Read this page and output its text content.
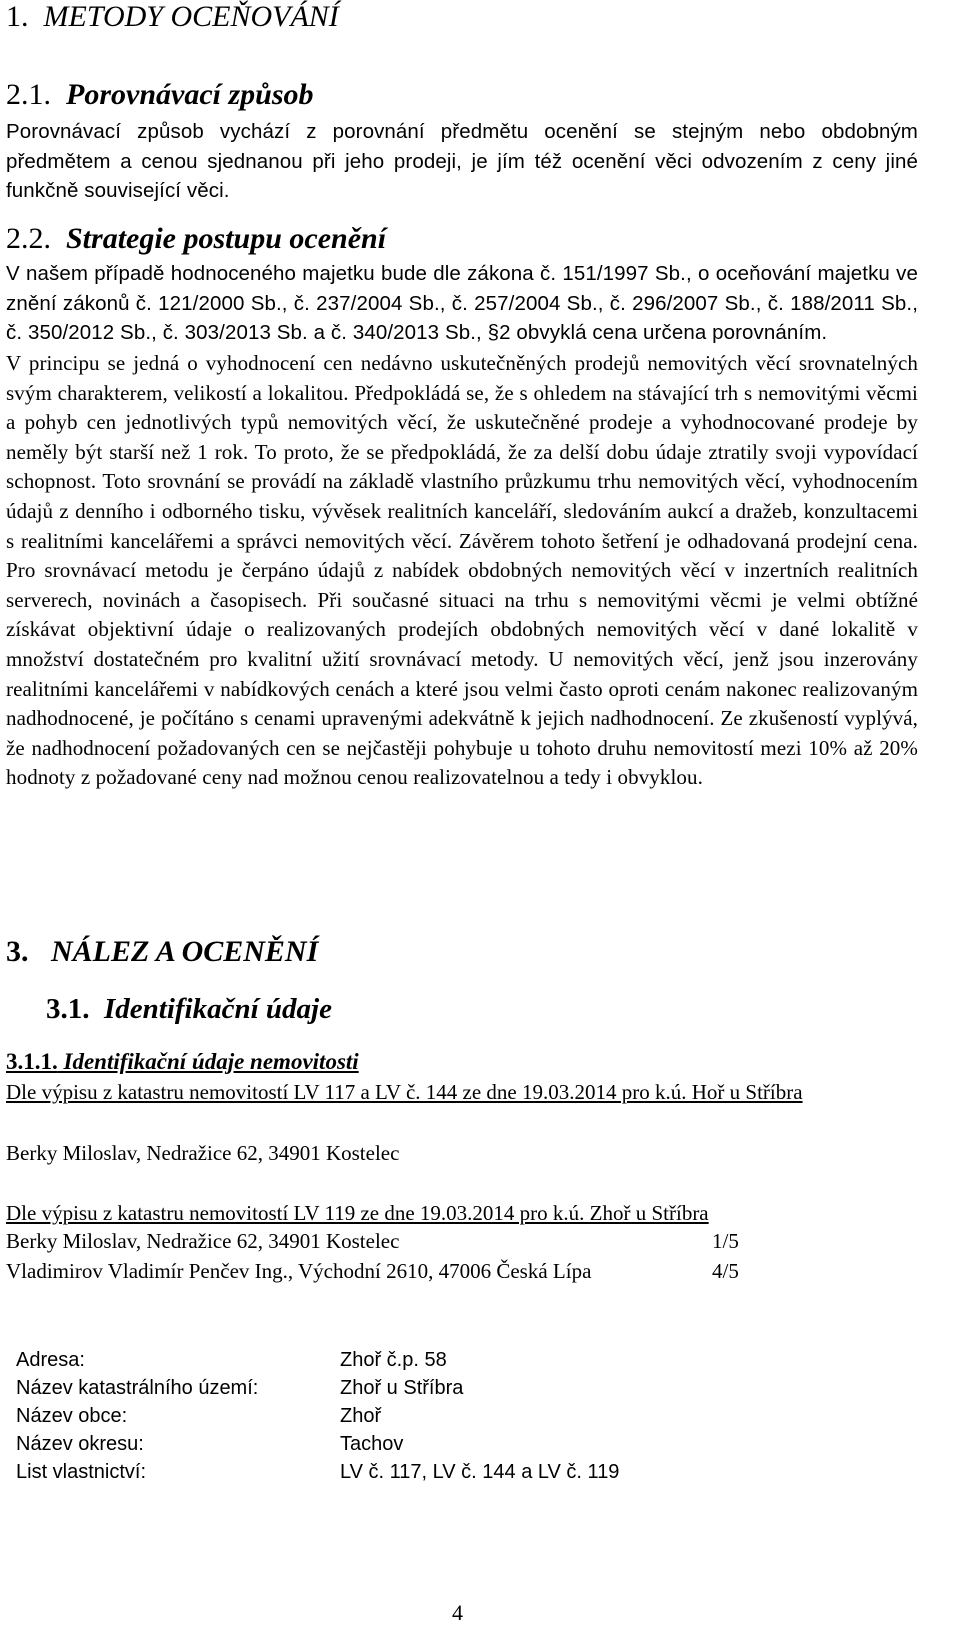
1. METODY OCEŇOVÁNÍ
2.1. Porovnávací způsob

Porovnávací způsob vychází z porovnání předmětu ocenění se stejným nebo obdobným předmětem a cenou sjednanou při jeho prodeji, je jím též ocenění věci odvozením z ceny jiné funkčně související věci.

2.2. Strategie postupu ocenění

V našem případě hodnoceného majetku bude dle zákona č. 151/1997 Sb., o oceňování majetku ve znění zákonů č. 121/2000 Sb., č. 237/2004 Sb., č. 257/2004 Sb., č. 296/2007 Sb., č. 188/2011 Sb., č. 350/2012 Sb., č. 303/2013 Sb. a č. 340/2013 Sb., §2 obvyklá cena určena porovnáním.

V principu se jedná o vyhodnocení cen nedávno uskutečněných prodejů nemovitých věcí srovnatelných svým charakterem, velikostí a lokalitou. Předpokládá se, že s ohledem na stávající trh s nemovitými věcmi a pohyb cen jednotlivých typů nemovitých věcí, že uskutečněné prodeje a vyhodnocované prodeje by neměly být starší než 1 rok. To proto, že se předpokládá, že za delší dobu údaje ztratily svoji vypovídací schopnost. Toto srovnání se provádí na základě vlastního průzkumu trhu nemovitých věcí, vyhodnocením údajů z denního i odborného tisku, vývěsek realitních kanceláří, sledováním aukcí a dražeb, konzultacemi s realitními kancelářemi a správci nemovitých věcí. Závěrem tohoto šetření je odhadovaná prodejní cena. Pro srovnávací metodu je čerpáno údajů z nabídek obdobných nemovitých věcí v inzertních realitních serverech, novinách a časopisech. Při současné situaci na trhu s nemovitými věcmi je velmi obtížné získávat objektivní údaje o realizovaných prodejích obdobných nemovitých věcí v dané lokalitě v množství dostatečném pro kvalitní užití srovnávací metody. U nemovitých věcí, jenž jsou inzerovány realitními kancelářemi v nabídkových cenách a které jsou velmi často oproti cenám nakonec realizovaným nadhodnocené, je počítáno s cenami upravenými adekvátně k jejich nadhodnocení. Ze zkušeností vyplývá, že nadhodnocení požadovaných cen se nejčastěji pohybuje u tohoto druhu nemovitostí mezi 10% až 20% hodnoty z požadované ceny nad možnou cenou realizovatelnou a tedy i obvyklou.

3. NÁLEZ A OCENĚNÍ
3.1. Identifikační údaje
3.1.1. Identifikační údaje nemovitosti
Dle výpisu z katastru nemovitostí LV 117 a LV č. 144 ze dne 19.03.2014 pro k.ú. Hoř u Stříbra
Berky Miloslav, Nedražice 62, 34901 Kostelec
Dle výpisu z katastru nemovitostí LV 119 ze dne 19.03.2014 pro k.ú. Zhoř u Stříbra
Berky Miloslav, Nedražice 62, 34901 Kostelec	1/5
Vladimirov Vladimír Penčev Ing., Východní 2610, 47006 Česká Lípa	4/5
Adresa:	Zhoř č.p. 58
Název katastrálního území:	Zhoř u Stříbra
Název obce:	Zhoř
Název okresu:	Tachov
List vlastnictví:	LV č. 117, LV č. 144 a LV č. 119
4
